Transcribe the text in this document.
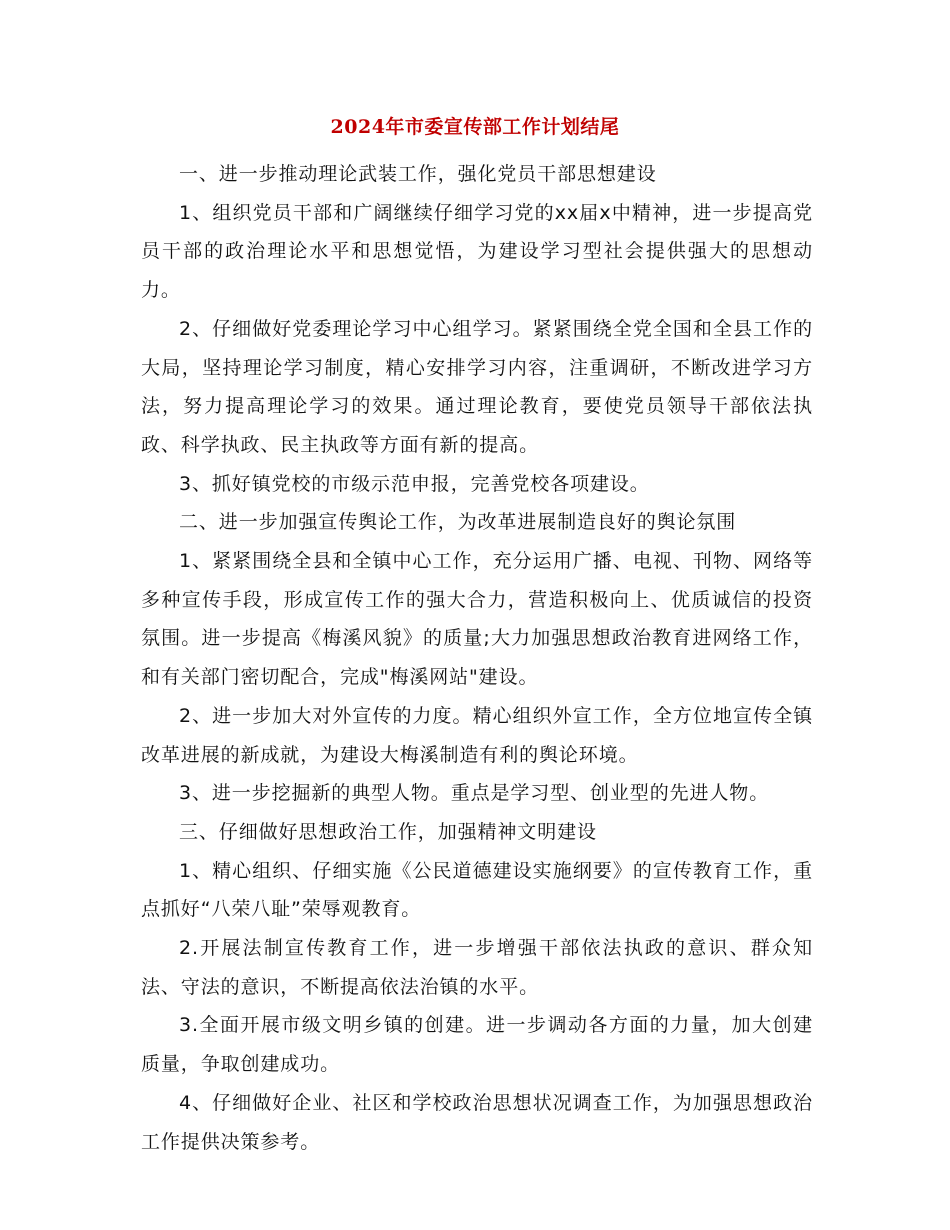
2024年市委宣传部工作计划结尾

一、进一步推动理论武装工作，强化党员干部思想建设

1、组织党员干部和广阔继续仔细学习党的xx届x中精神，进一步提高党员干部的政治理论水平和思想觉悟，为建设学习型社会提供强大的思想动力。

2、仔细做好党委理论学习中心组学习。紧紧围绕全党全国和全县工作的大局，坚持理论学习制度，精心安排学习内容，注重调研，不断改进学习方法，努力提高理论学习的效果。通过理论教育，要使党员领导干部依法执政、科学执政、民主执政等方面有新的提高。

3、抓好镇党校的市级示范申报，完善党校各项建设。

二、进一步加强宣传舆论工作，为改革进展制造良好的舆论氛围

1、紧紧围绕全县和全镇中心工作，充分运用广播、电视、刊物、网络等多种宣传手段，形成宣传工作的强大合力，营造积极向上、优质诚信的投资氛围。进一步提高《梅溪风貌》的质量;大力加强思想政治教育进网络工作，和有关部门密切配合，完成"梅溪网站"建设。

2、进一步加大对外宣传的力度。精心组织外宣工作，全方位地宣传全镇改革进展的新成就，为建设大梅溪制造有利的舆论环境。

3、进一步挖掘新的典型人物。重点是学习型、创业型的先进人物。

三、仔细做好思想政治工作，加强精神文明建设

1、精心组织、仔细实施《公民道德建设实施纲要》的宣传教育工作，重点抓好“八荣八耻”荣辱观教育。

2.开展法制宣传教育工作，进一步增强干部依法执政的意识、群众知法、守法的意识，不断提高依法治镇的水平。

3.全面开展市级文明乡镇的创建。进一步调动各方面的力量，加大创建质量，争取创建成功。

4、仔细做好企业、社区和学校政治思想状况调查工作，为加强思想政治工作提供决策参考。
